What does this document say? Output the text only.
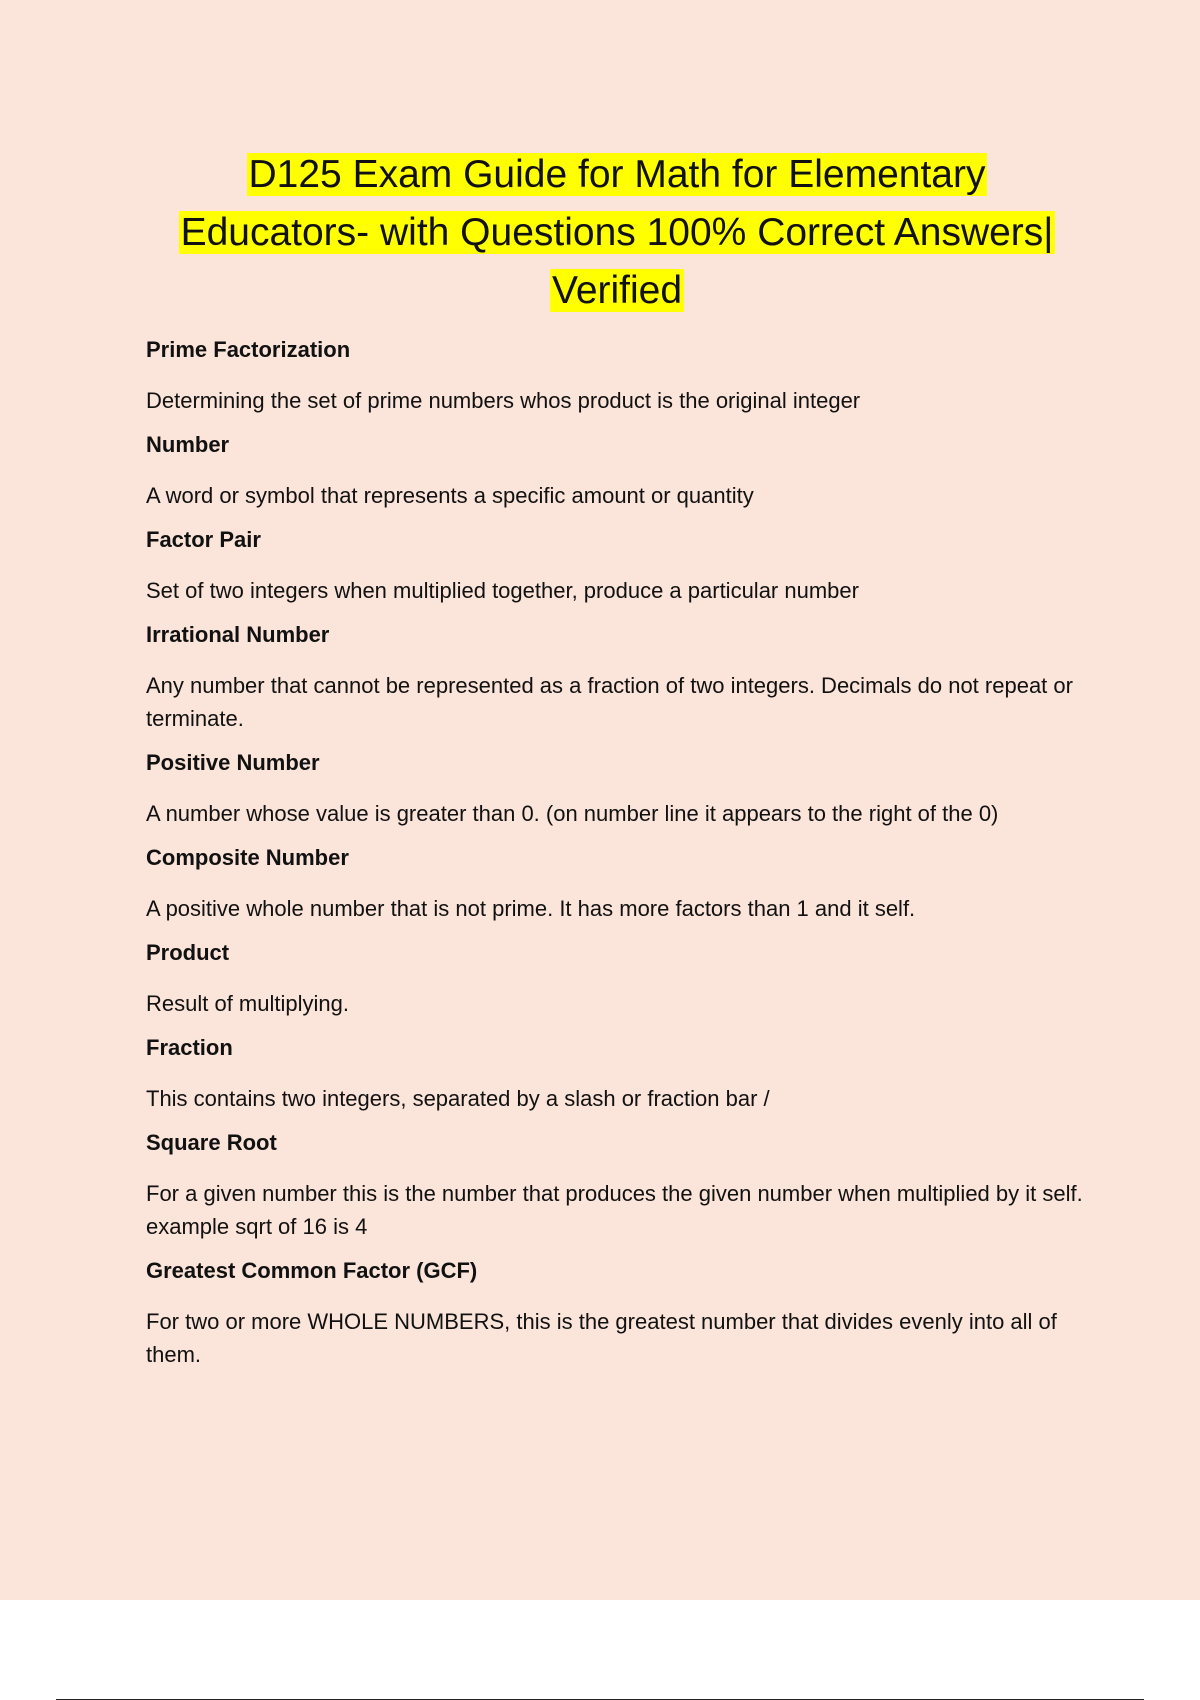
D125 Exam Guide for Math for Elementary
Educators- with Questions 100% Correct Answers|
Verified
Prime Factorization
Determining the set of prime numbers whos product is the original integer
Number
A word or symbol that represents a specific amount or quantity
Factor Pair
Set of two integers when multiplied together, produce a particular number
Irrational Number
Any number that cannot be represented as a fraction of two integers. Decimals do not repeat or terminate.
Positive Number
A number whose value is greater than 0. (on number line it appears to the right of the 0)
Composite Number
A positive whole number that is not prime. It has more factors than 1 and it self.
Product
Result of multiplying.
Fraction
This contains two integers, separated by a slash or fraction bar /
Square Root
For a given number this is the number that produces the given number when multiplied by it self. example sqrt of 16 is 4
Greatest Common Factor (GCF)
For two or more WHOLE NUMBERS, this is the greatest number that divides evenly into all of them.
